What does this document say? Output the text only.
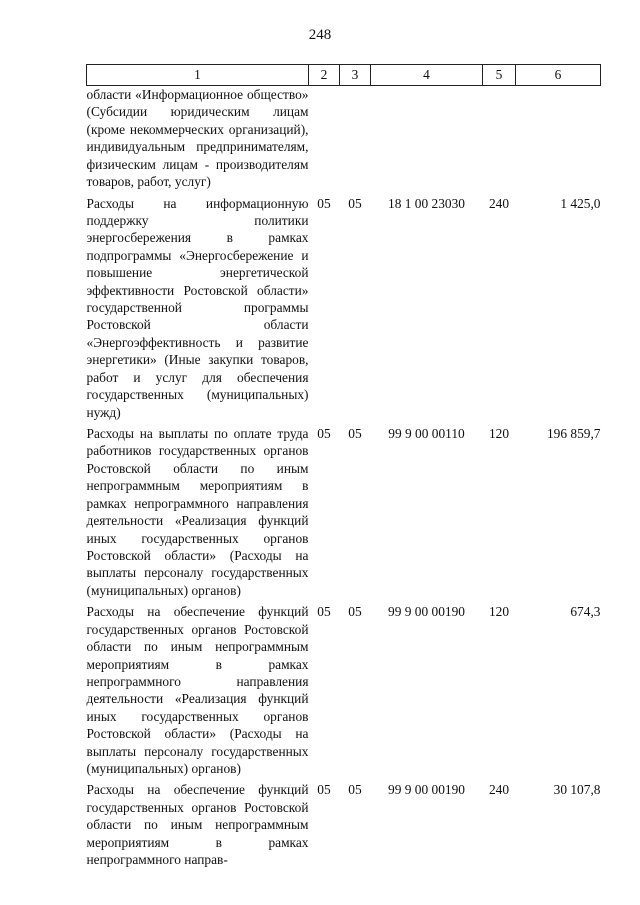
248
1	2	3	4	5	6
области «Информационное общество» (Субсидии юридическим лицам (кроме некоммерческих организаций), индивидуальным предпринимателям, физическим лицам - производителям товаров, работ, услуг)					
Расходы на информационную поддержку политики энергосбережения в рамках подпрограммы «Энергосбережение и повышение энергетической эффективности Ростовской области» государственной программы Ростовской области «Энергоэффективность и развитие энергетики» (Иные закупки товаров, работ и услуг для обеспечения государственных (муниципальных) нужд)	05	05	18 1 00 23030	240	1 425,0
Расходы на выплаты по оплате труда работников государственных органов Ростовской области по иным непрограммным мероприятиям в рамках непрограммного направления деятельности «Реализация функций иных государственных органов Ростовской области» (Расходы на выплаты персоналу государственных (муниципальных) органов)	05	05	99 9 00 00110	120	196 859,7
Расходы на обеспечение функций государственных органов Ростовской области по иным непрограммным мероприятиям в рамках непрограммного направления деятельности «Реализация функций иных государственных органов Ростовской области» (Расходы на выплаты персоналу государственных (муниципальных) органов)	05	05	99 9 00 00190	120	674,3
Расходы на обеспечение функций государственных органов Ростовской области по иным непрограммным мероприятиям в рамках непрограммного направ-	05	05	99 9 00 00190	240	30 107,8
